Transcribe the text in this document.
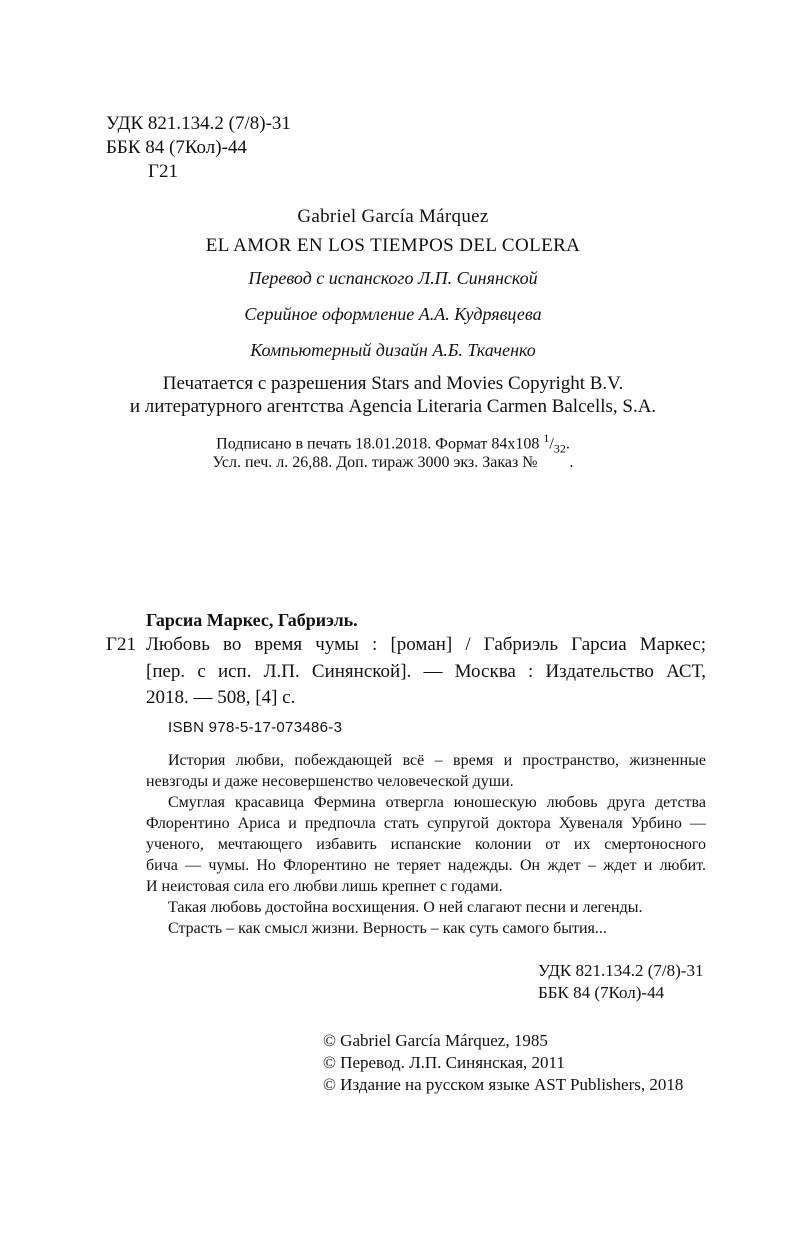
УДК 821.134.2 (7/8)-31
ББК 84 (7Кол)-44
Г21
Gabriel García Márquez
EL AMOR EN LOS TIEMPOS DEL COLERA
Перевод с испанского Л.П. Синянской
Серийное оформление А.А. Кудрявцева
Компьютерный дизайн А.Б. Ткаченко
Печатается с разрешения Stars and Movies Copyright B.V.
и литературного агентства Agencia Literaria Carmen Balcells, S.A.
Подписано в печать 18.01.2018. Формат 84x108 $^1/_{32}$.
Усл. печ. л. 26,88. Доп. тираж 3000 экз. Заказ №        .
Гарсиа Маркес, Габриэль.
Г21 Любовь во время чумы : [роман] / Габриэль Гарсиа Маркес;
[пер. с исп. Л.П. Синянской]. — Москва : Издательство АСТ,
2018. — 508, [4] с.
ISBN 978-5-17-073486-3
История любви, побеждающей всё – время и пространство, жизненные
невзгоды и даже несовершенство человеческой души.
Смуглая красавица Фермина отвергла юношескую любовь друга детства
Флорентино Ариса и предпочла стать супругой доктора Хувеналя Урбино —
ученого, мечтающего избавить испанские колонии от их смертоносного
бича — чумы. Но Флорентино не теряет надежды. Он ждет – ждет и любит.
И неистовая сила его любви лишь крепнет с годами.
Такая любовь достойна восхищения. О ней слагают песни и легенды.
Страсть – как смысл жизни. Верность – как суть самого бытия...
УДК 821.134.2 (7/8)-31
ББК 84 (7Кол)-44
© Gabriel García Márquez, 1985
© Перевод. Л.П. Синянская, 2011
© Издание на русском языке AST Publishers, 2018
